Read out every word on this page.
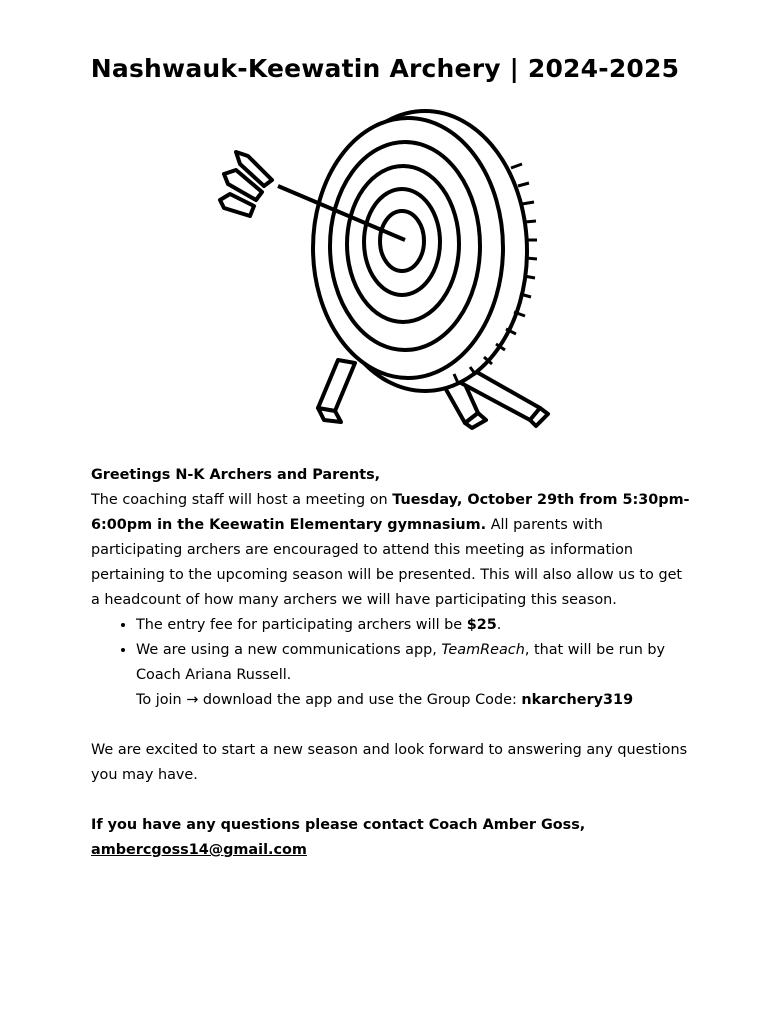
Nashwauk-Keewatin Archery | 2024-2025

Greetings N-K Archers and Parents,

The coaching staff will host a meeting on Tuesday, October 29th from 5:30pm-6:00pm in the Keewatin Elementary gymnasium. All parents with participating archers are encouraged to attend this meeting as information pertaining to the upcoming season will be presented. This will also allow us to get a headcount of how many archers we will have participating this season.

• The entry fee for participating archers will be $25.
• We are using a new communications app, TeamReach, that will be run by Coach Ariana Russell.

To join → download the app and use the Group Code: nkarchery319

We are excited to start a new season and look forward to answering any questions you may have.

If you have any questions please contact Coach Amber Goss,

ambercgoss14@gmail.com
